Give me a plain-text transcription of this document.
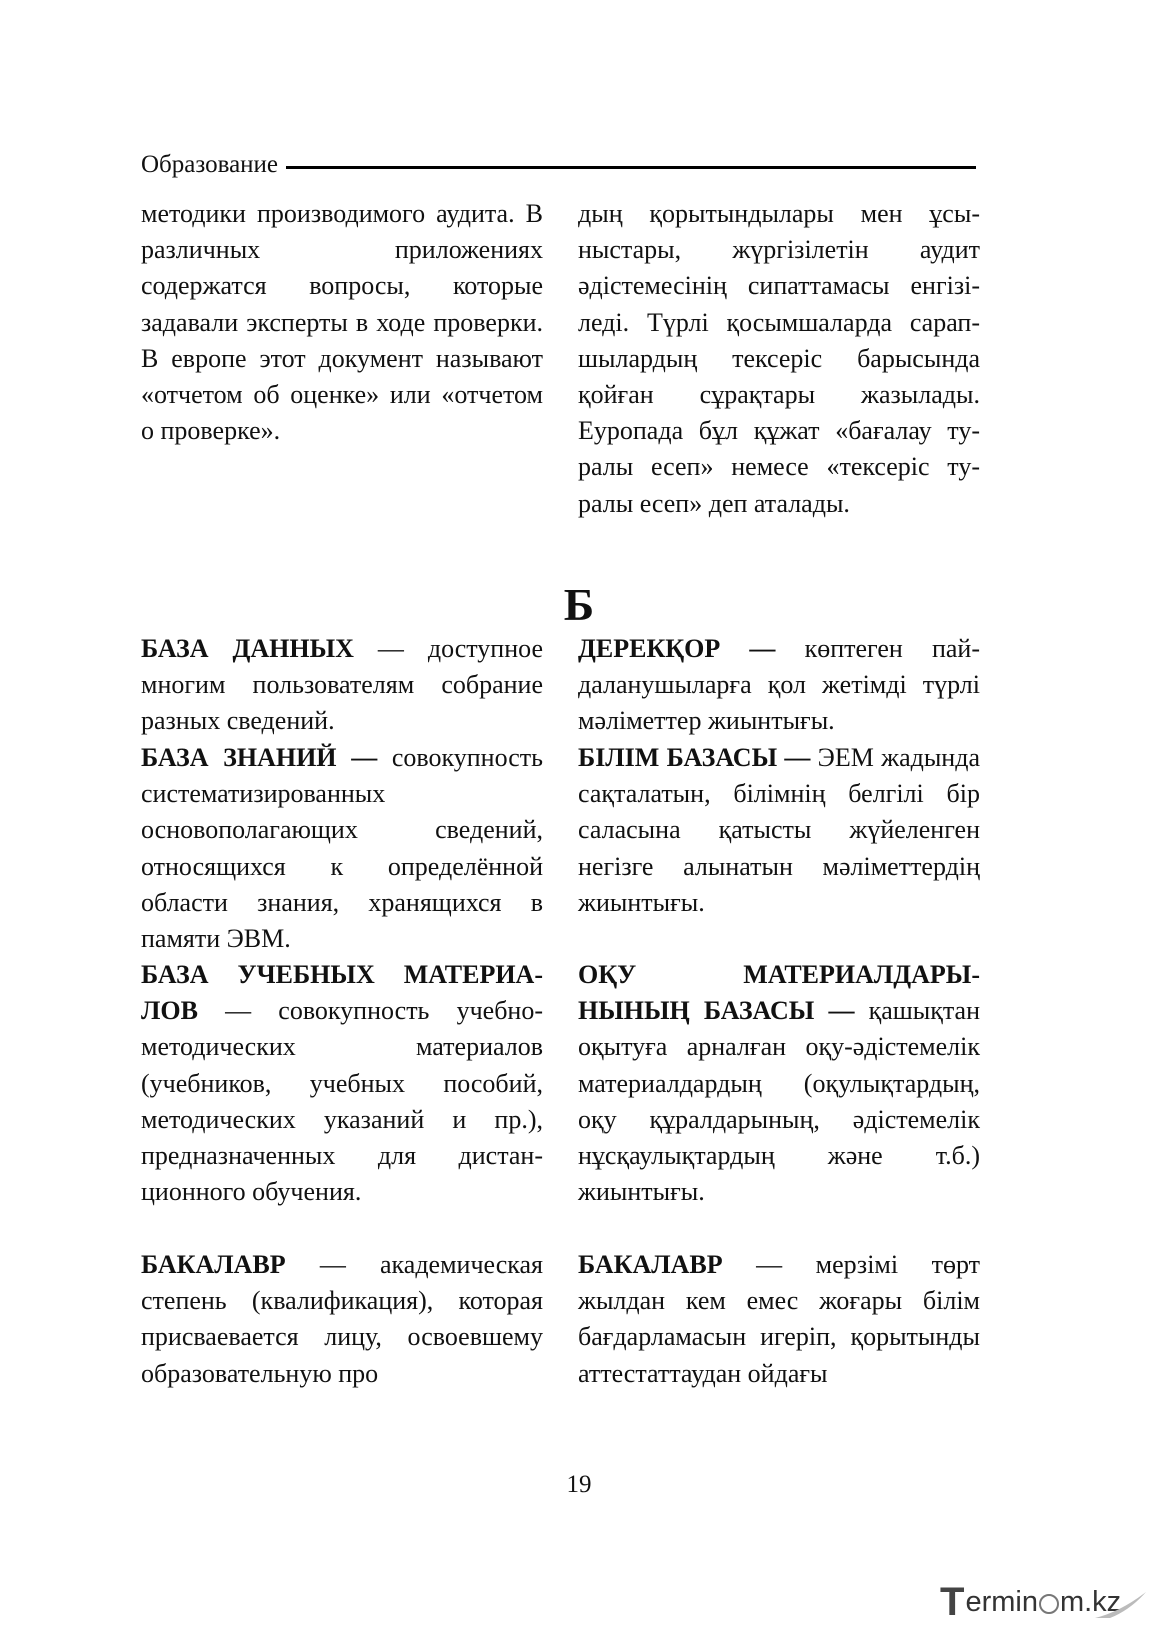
Образование

методики производимого аудита. В различных приложениях содержатся вопросы, которые задавали эксперты в ходе проверки. В европе этот документ называют «отчетом об оценке» или «отчетом о проверке».

дың қорытындылары мен ұсыныстары, жүргізілетін аудит әдістемесінің сипаттамасы енгізіледі. Түрлі қосымшаларда сарапшылардың тексеріс барысында қойған сұрақтары жазылады. Еуропада бұл құжат «бағалау туралы есеп» немесе «тексеріс туралы есеп» деп аталады.

Б

БАЗА ДАННЫХ — доступное многим пользователям собрание разных сведений.

ДЕРЕКҚОР — көптеген пайдаланушыларға қол жетімді түрлі мәліметтер жиынтығы.

БАЗА ЗНАНИЙ — совокупность систематизированных основополагающих сведений, относящихся к определённой области знания, хранящихся в памяти ЭВМ.

БІЛІМ БАЗАСЫ — ЭЕМ жадында сақталатын, білімнің белгілі бір саласына қатысты жүйеленген негізге алынатын мәліметтердің жиынтығы.

БАЗА УЧЕБНЫХ МАТЕРИАЛОВ — совокупность учебно-методических материалов (учебников, учебных пособий, методических указаний и пр.), предназначенных для дистанционного обучения.

ОҚУ МАТЕРИАЛДАРЫНЫНЫҢ БАЗАСЫ — қашықтан оқытуға арналған оқу-әдістемелік материалдардың (оқулықтардың, оқу құралдарының, әдістемелік нұсқаулықтардың және т.б.) жиынтығы.

БАКАЛАВР — академическая степень (квалификация), которая присваевается лицу, освоевшему образовательную про

БАКАЛАВР — мерзімі төрт жылдан кем емес жоғары білім бағдарламасын игеріп, қорытынды аттестаттаудан ойдағы

19
T ermin m.kz
